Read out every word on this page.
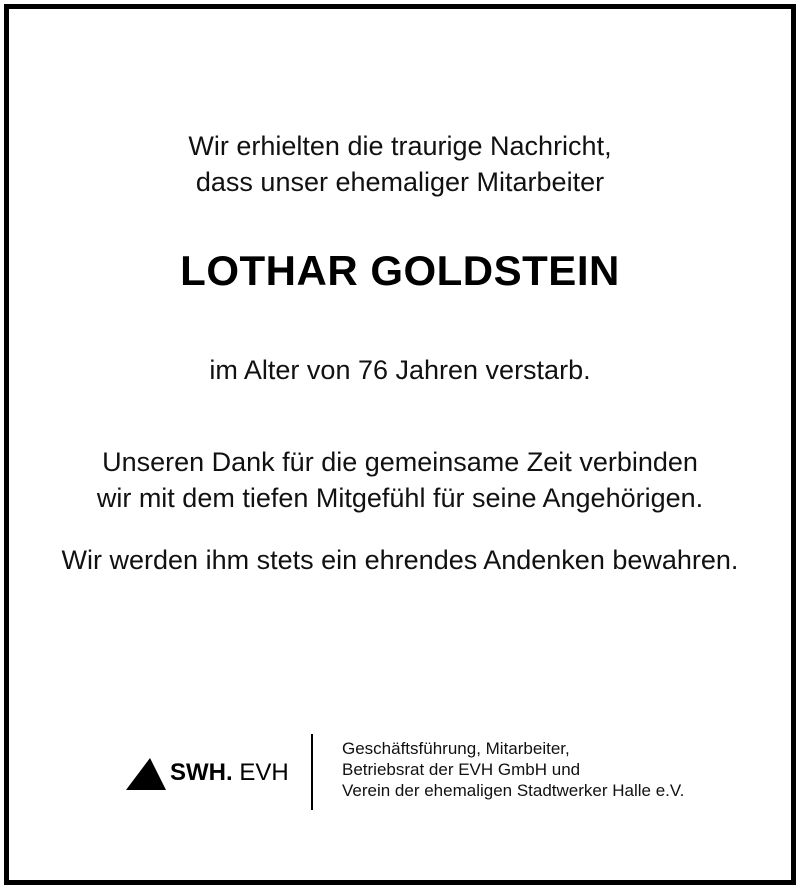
Wir erhielten die traurige Nachricht,
dass unser ehemaliger Mitarbeiter
LOTHAR GOLDSTEIN
im Alter von 76 Jahren verstarb.
Unseren Dank für die gemeinsame Zeit verbinden
wir mit dem tiefen Mitgefühl für seine Angehörigen.
Wir werden ihm stets ein ehrendes Andenken bewahren.
SWH. EVH
Geschäftsführung, Mitarbeiter,
Betriebsrat der EVH GmbH und
Verein der ehemaligen Stadtwerker Halle e.V.
